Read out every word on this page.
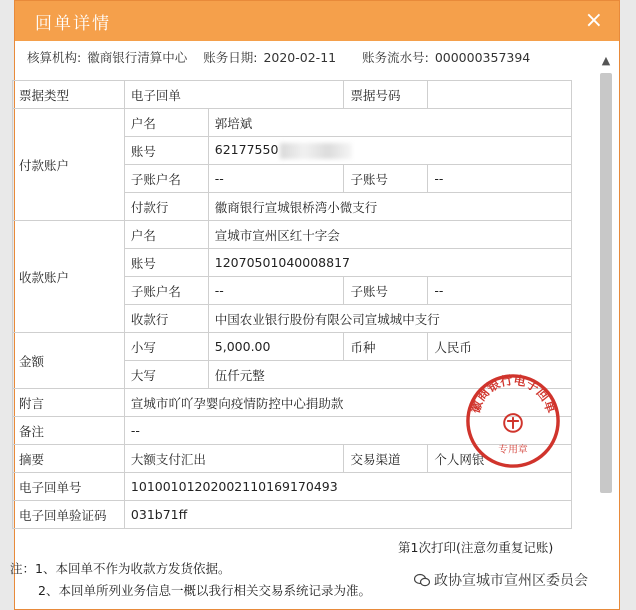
回单详情	×
核算机构: 徽商银行清算中心 账务日期: 2020-02-11 账务流水号: 000000357394	▲
票据类型	电子回单		票据号码	
付款账户	户名	郭培斌		
	账号	62177550		
	子账户名	--	子账号	--
	付款行	徽商银行宣城银桥湾小微支行		
收款账户	户名	宣城市宣州区红十字会		
	账号	12070501040008817		
	子账户名	--	子账号	--
	收款行	中国农业银行股份有限公司宣城城中支行		
金额	小写	5,000.00	币种	人民币
	大写	伍仟元整		
附言	宣城市吖吖孕婴向疫情防控中心捐助款			
备注	--			
摘要	大额支付汇出		交易渠道	个人网银
电子回单号	10100101202002110169170493			
电子回单验证码	031b71ff			
徽商银行电子回单
专用章
第1次打印(注意勿重复记账)
注：1、本回单不作为收款方发货依据。
2、本回单所列业务信息一概以我行相关交易系统记录为准。
政协宣城市宣州区委员会
